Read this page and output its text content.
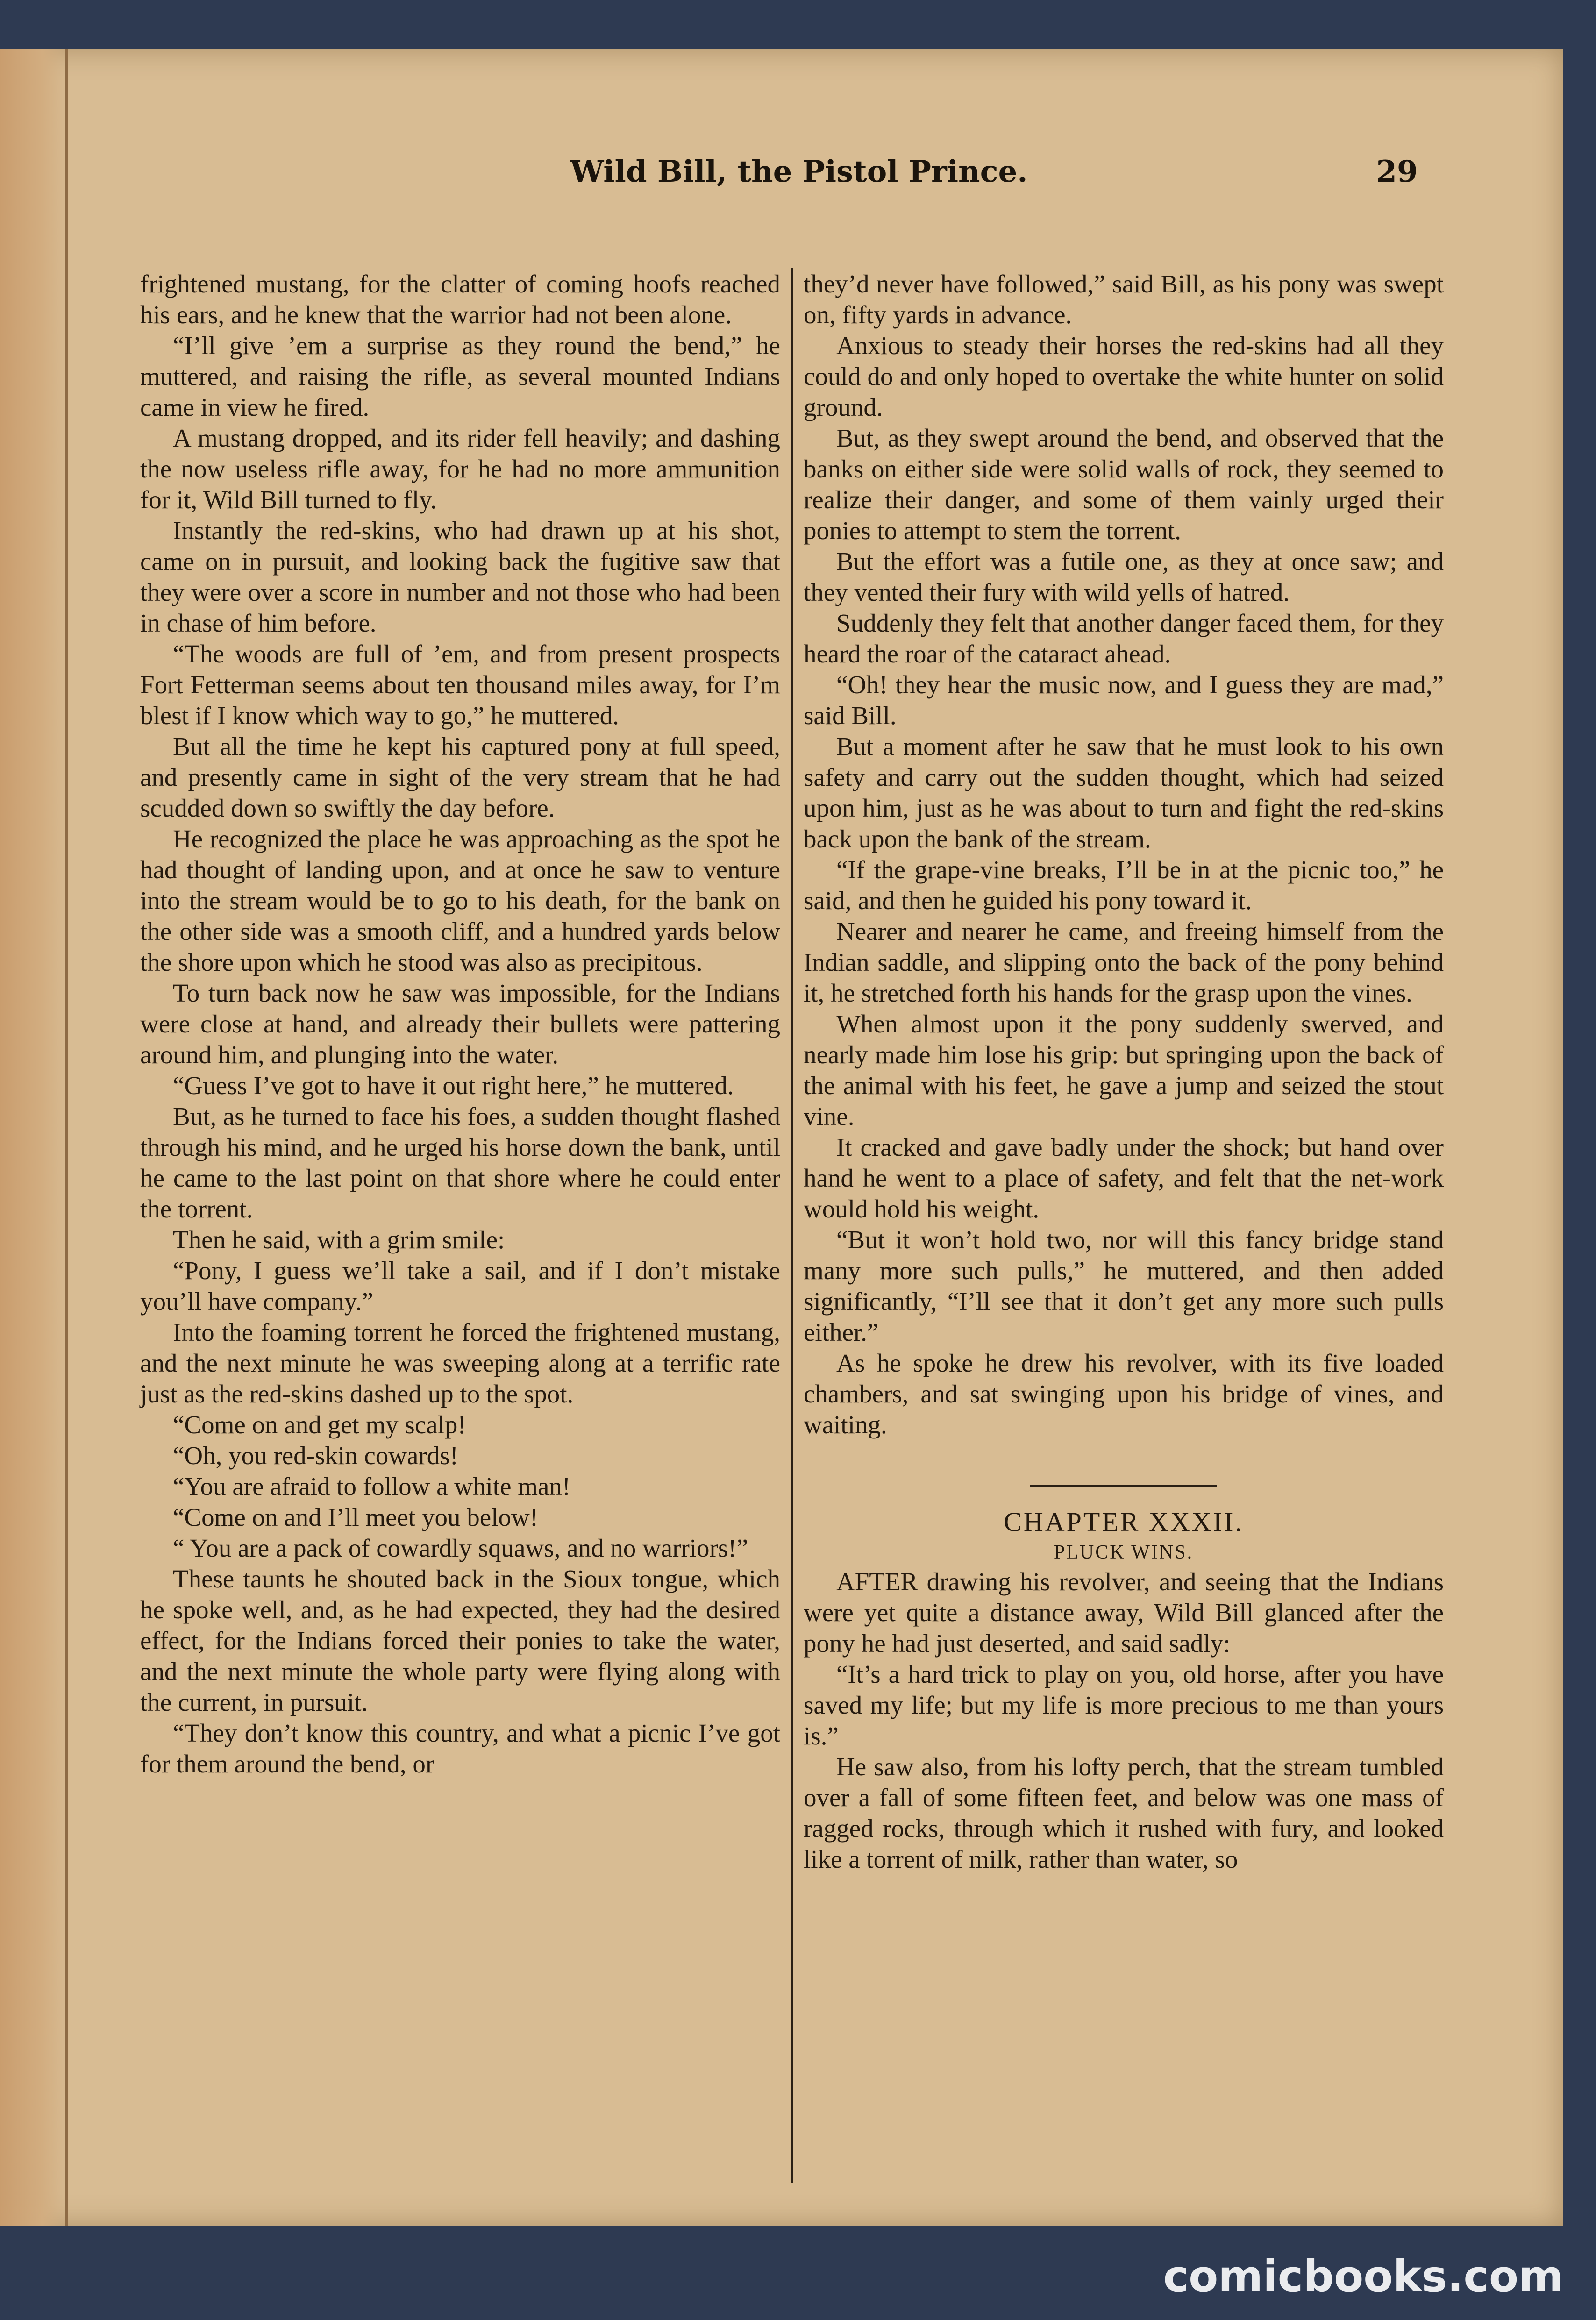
Wild Bill, the Pistol Prince.	29

frightened mustang, for the clatter of coming hoofs reached his ears, and he knew that the warrior had not been alone.

“I’ll give ’em a surprise as they round the bend,” he muttered, and raising the rifle, as several mounted Indians came in view he fired.

A mustang dropped, and its rider fell heavily; and dashing the now useless rifle away, for he had no more ammunition for it, Wild Bill turned to fly.

Instantly the red-skins, who had drawn up at his shot, came on in pursuit, and looking back the fugitive saw that they were over a score in number and not those who had been in chase of him before.

“The woods are full of ’em, and from present prospects Fort Fetterman seems about ten thousand miles away, for I’m blest if I know which way to go,” he muttered.

But all the time he kept his captured pony at full speed, and presently came in sight of the very stream that he had scudded down so swiftly the day before.

He recognized the place he was approaching as the spot he had thought of landing upon, and at once he saw to venture into the stream would be to go to his death, for the bank on the other side was a smooth cliff, and a hundred yards below the shore upon which he stood was also as precipitous.

To turn back now he saw was impossible, for the Indians were close at hand, and already their bullets were pattering around him, and plunging into the water.

“Guess I’ve got to have it out right here,” he muttered.

But, as he turned to face his foes, a sudden thought flashed through his mind, and he urged his horse down the bank, until he came to the last point on that shore where he could enter the torrent.

Then he said, with a grim smile:

“Pony, I guess we’ll take a sail, and if I don’t mistake you’ll have company.”

Into the foaming torrent he forced the frightened mustang, and the next minute he was sweeping along at a terrific rate just as the red-skins dashed up to the spot.

“Come on and get my scalp!

“Oh, you red-skin cowards!

“You are afraid to follow a white man!

“Come on and I’ll meet you below!

“ You are a pack of cowardly squaws, and no warriors!”

These taunts he shouted back in the Sioux tongue, which he spoke well, and, as he had expected, they had the desired effect, for the Indians forced their ponies to take the water, and the next minute the whole party were flying along with the current, in pursuit.

“They don’t know this country, and what a picnic I’ve got for them around the bend, or

they’d never have followed,” said Bill, as his pony was swept on, fifty yards in advance.

Anxious to steady their horses the red-skins had all they could do and only hoped to overtake the white hunter on solid ground.

But, as they swept around the bend, and observed that the banks on either side were solid walls of rock, they seemed to realize their danger, and some of them vainly urged their ponies to attempt to stem the torrent.

But the effort was a futile one, as they at once saw; and they vented their fury with wild yells of hatred.

Suddenly they felt that another danger faced them, for they heard the roar of the cataract ahead.

“Oh! they hear the music now, and I guess they are mad,” said Bill.

But a moment after he saw that he must look to his own safety and carry out the sudden thought, which had seized upon him, just as he was about to turn and fight the red-skins back upon the bank of the stream.

“If the grape-vine breaks, I’ll be in at the picnic too,” he said, and then he guided his pony toward it.

Nearer and nearer he came, and freeing himself from the Indian saddle, and slipping onto the back of the pony behind it, he stretched forth his hands for the grasp upon the vines.

When almost upon it the pony suddenly swerved, and nearly made him lose his grip: but springing upon the back of the animal with his feet, he gave a jump and seized the stout vine.

It cracked and gave badly under the shock; but hand over hand he went to a place of safety, and felt that the net-work would hold his weight.

“But it won’t hold two, nor will this fancy bridge stand many more such pulls,” he muttered, and then added significantly, “I’ll see that it don’t get any more such pulls either.”

As he spoke he drew his revolver, with its five loaded chambers, and sat swinging upon his bridge of vines, and waiting.

CHAPTER XXXII.
PLUCK WINS.

AFTER drawing his revolver, and seeing that the Indians were yet quite a distance away, Wild Bill glanced after the pony he had just deserted, and said sadly:

“It’s a hard trick to play on you, old horse, after you have saved my life; but my life is more precious to me than yours is.”

He saw also, from his lofty perch, that the stream tumbled over a fall of some fifteen feet, and below was one mass of ragged rocks, through which it rushed with fury, and looked like a torrent of milk, rather than water, so

comicbooks.com
